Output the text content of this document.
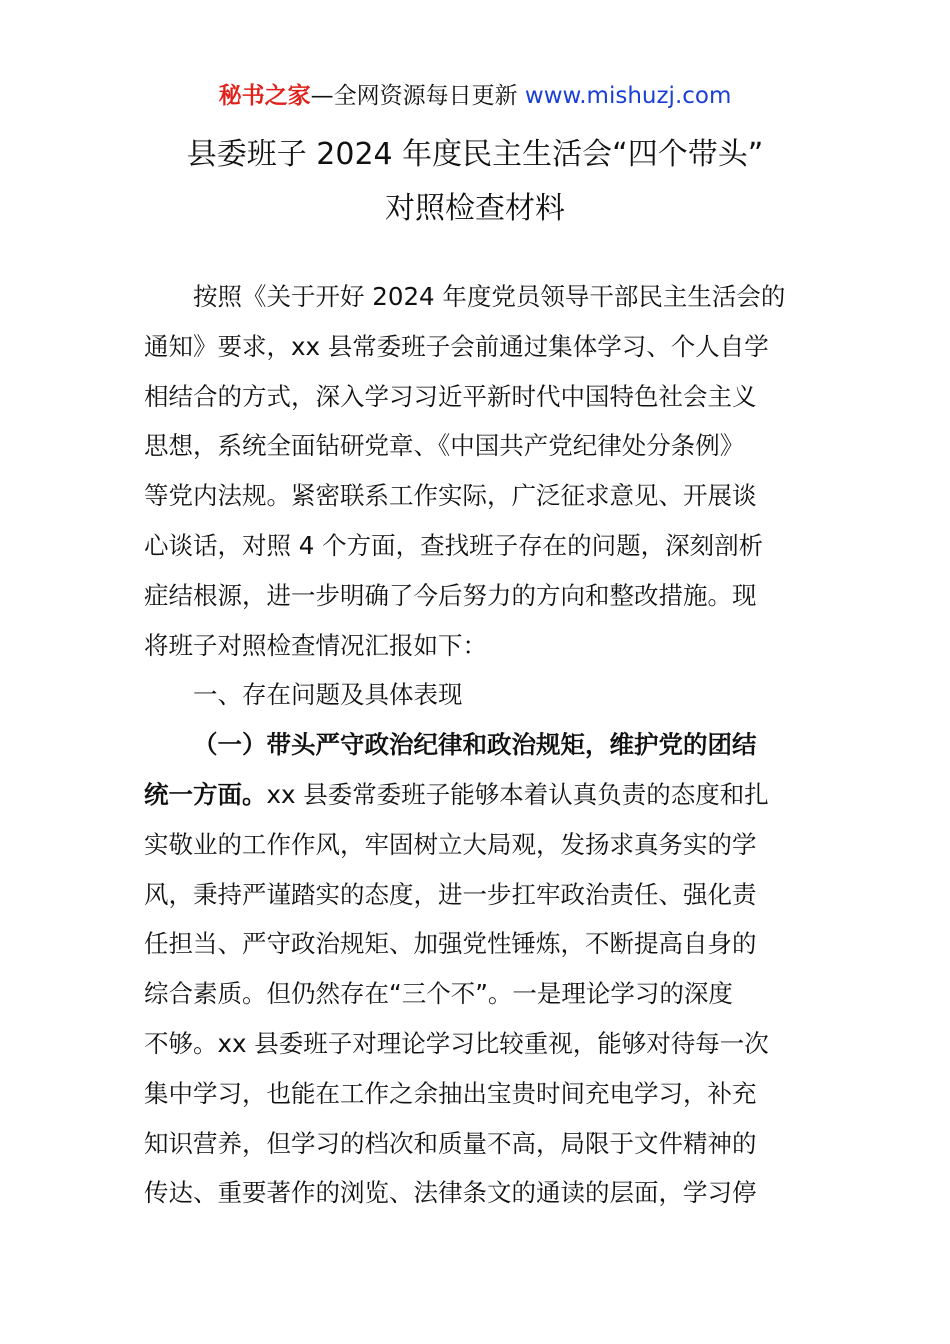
秘书之家—全网资源每日更新 www.mishuzj.com
县委班子 2024 年度民主生活会“四个带头”
对照检查材料
按照《关于开好 2024 年度党员领导干部民主生活会的
通知》要求，xx 县常委班子会前通过集体学习、个人自学
相结合的方式，深入学习习近平新时代中国特色社会主义
思想，系统全面钻研党章、《中国共产党纪律处分条例》
等党内法规。紧密联系工作实际，广泛征求意见、开展谈
心谈话，对照 4 个方面，查找班子存在的问题，深刻剖析
症结根源，进一步明确了今后努力的方向和整改措施。现
将班子对照检查情况汇报如下：
一、存在问题及具体表现
（一）带头严守政治纪律和政治规矩，维护党的团结
统一方面。xx 县委常委班子能够本着认真负责的态度和扎
实敬业的工作作风，牢固树立大局观，发扬求真务实的学
风，秉持严谨踏实的态度，进一步扛牢政治责任、强化责
任担当、严守政治规矩、加强党性锤炼，不断提高自身的
综合素质。但仍然存在“三个不”。一是理论学习的深度
不够。xx 县委班子对理论学习比较重视，能够对待每一次
集中学习，也能在工作之余抽出宝贵时间充电学习，补充
知识营养，但学习的档次和质量不高，局限于文件精神的
传达、重要著作的浏览、法律条文的通读的层面，学习停
